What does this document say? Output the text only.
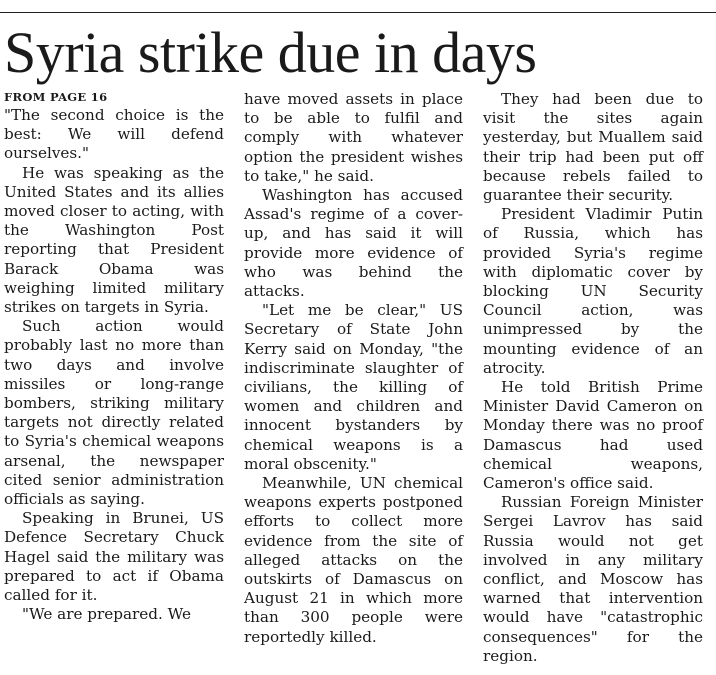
Syria strike due in days
FROM PAGE 16

"The second choice is the best: We will defend ourselves."

He was speaking as the United States and its allies moved closer to acting, with the Washington Post reporting that President Barack Obama was weighing limited military strikes on targets in Syria.

Such action would probably last no more than two days and involve missiles or long-range bombers, striking military targets not directly related to Syria's chemical weapons arsenal, the newspaper cited senior administration officials as saying.

Speaking in Brunei, US Defence Secretary Chuck Hagel said the military was prepared to act if Obama called for it.

"We are prepared. We

have moved assets in place to be able to fulfil and comply with whatever option the president wishes to take," he said.

Washington has accused Assad's regime of a cover-up, and has said it will provide more evidence of who was behind the attacks.

"Let me be clear," US Secretary of State John Kerry said on Monday, "the indiscriminate slaughter of civilians, the killing of women and children and innocent bystanders by chemical weapons is a moral obscenity."

Meanwhile, UN chemical weapons experts postponed efforts to collect more evidence from the site of alleged attacks on the outskirts of Damascus on August 21 in which more than 300 people were reportedly killed.

They had been due to visit the sites again yesterday, but Muallem said their trip had been put off because rebels failed to guarantee their security.

President Vladimir Putin of Russia, which has provided Syria's regime with diplomatic cover by blocking UN Security Council action, was unimpressed by the mounting evidence of an atrocity.

He told British Prime Minister David Cameron on Monday there was no proof Damascus had used chemical weapons, Cameron's office said.

Russian Foreign Minister Sergei Lavrov has said Russia would not get involved in any military conflict, and Moscow has warned that intervention would have "catastrophic consequences" for the region.
